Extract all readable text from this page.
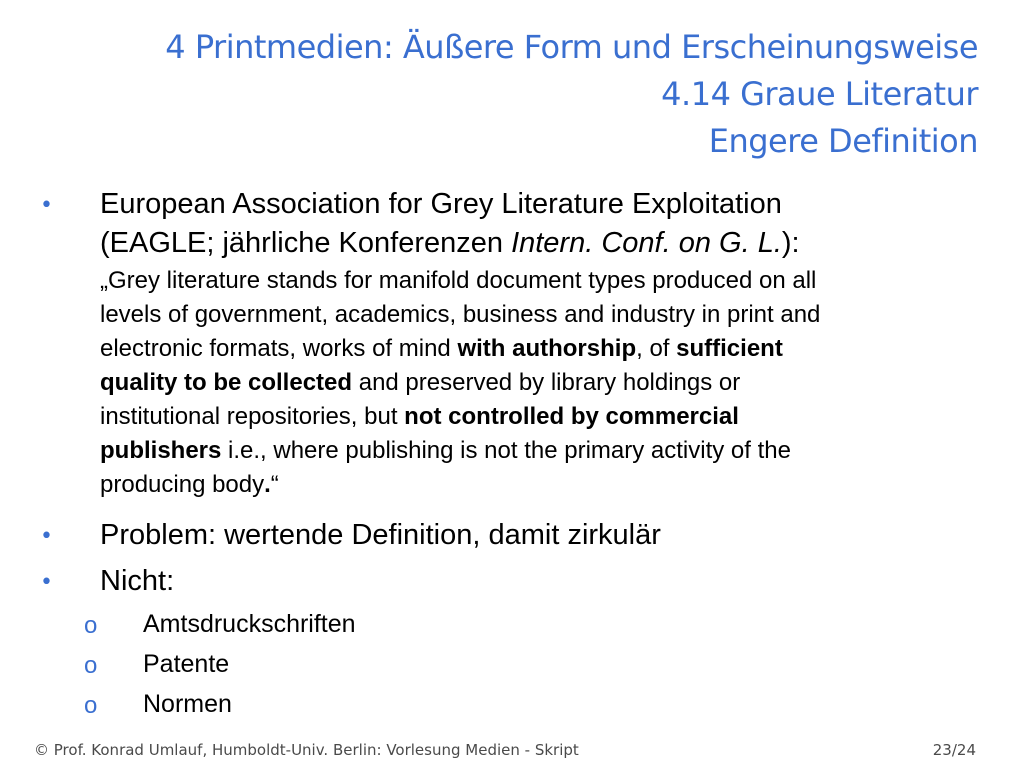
4 Printmedien: Äußere Form und Erscheinungsweise
4.14 Graue Literatur
Engere Definition
• European Association for Grey Literature Exploitation
(EAGLE; jährliche Konferenzen Intern. Conf. on G. L.):
„Grey literature stands for manifold document types produced on all
levels of government, academics, business and industry in print and
electronic formats, works of mind with authorship, of sufficient
quality to be collected and preserved by library holdings or
institutional repositories, but not controlled by commercial
publishers i.e., where publishing is not the primary activity of the
producing body.“
• Problem: wertende Definition, damit zirkulär
• Nicht:
o Amtsdruckschriften
o Patente
o Normen
© Prof. Konrad Umlauf, Humboldt-Univ. Berlin: Vorlesung Medien - Skript	23/24
